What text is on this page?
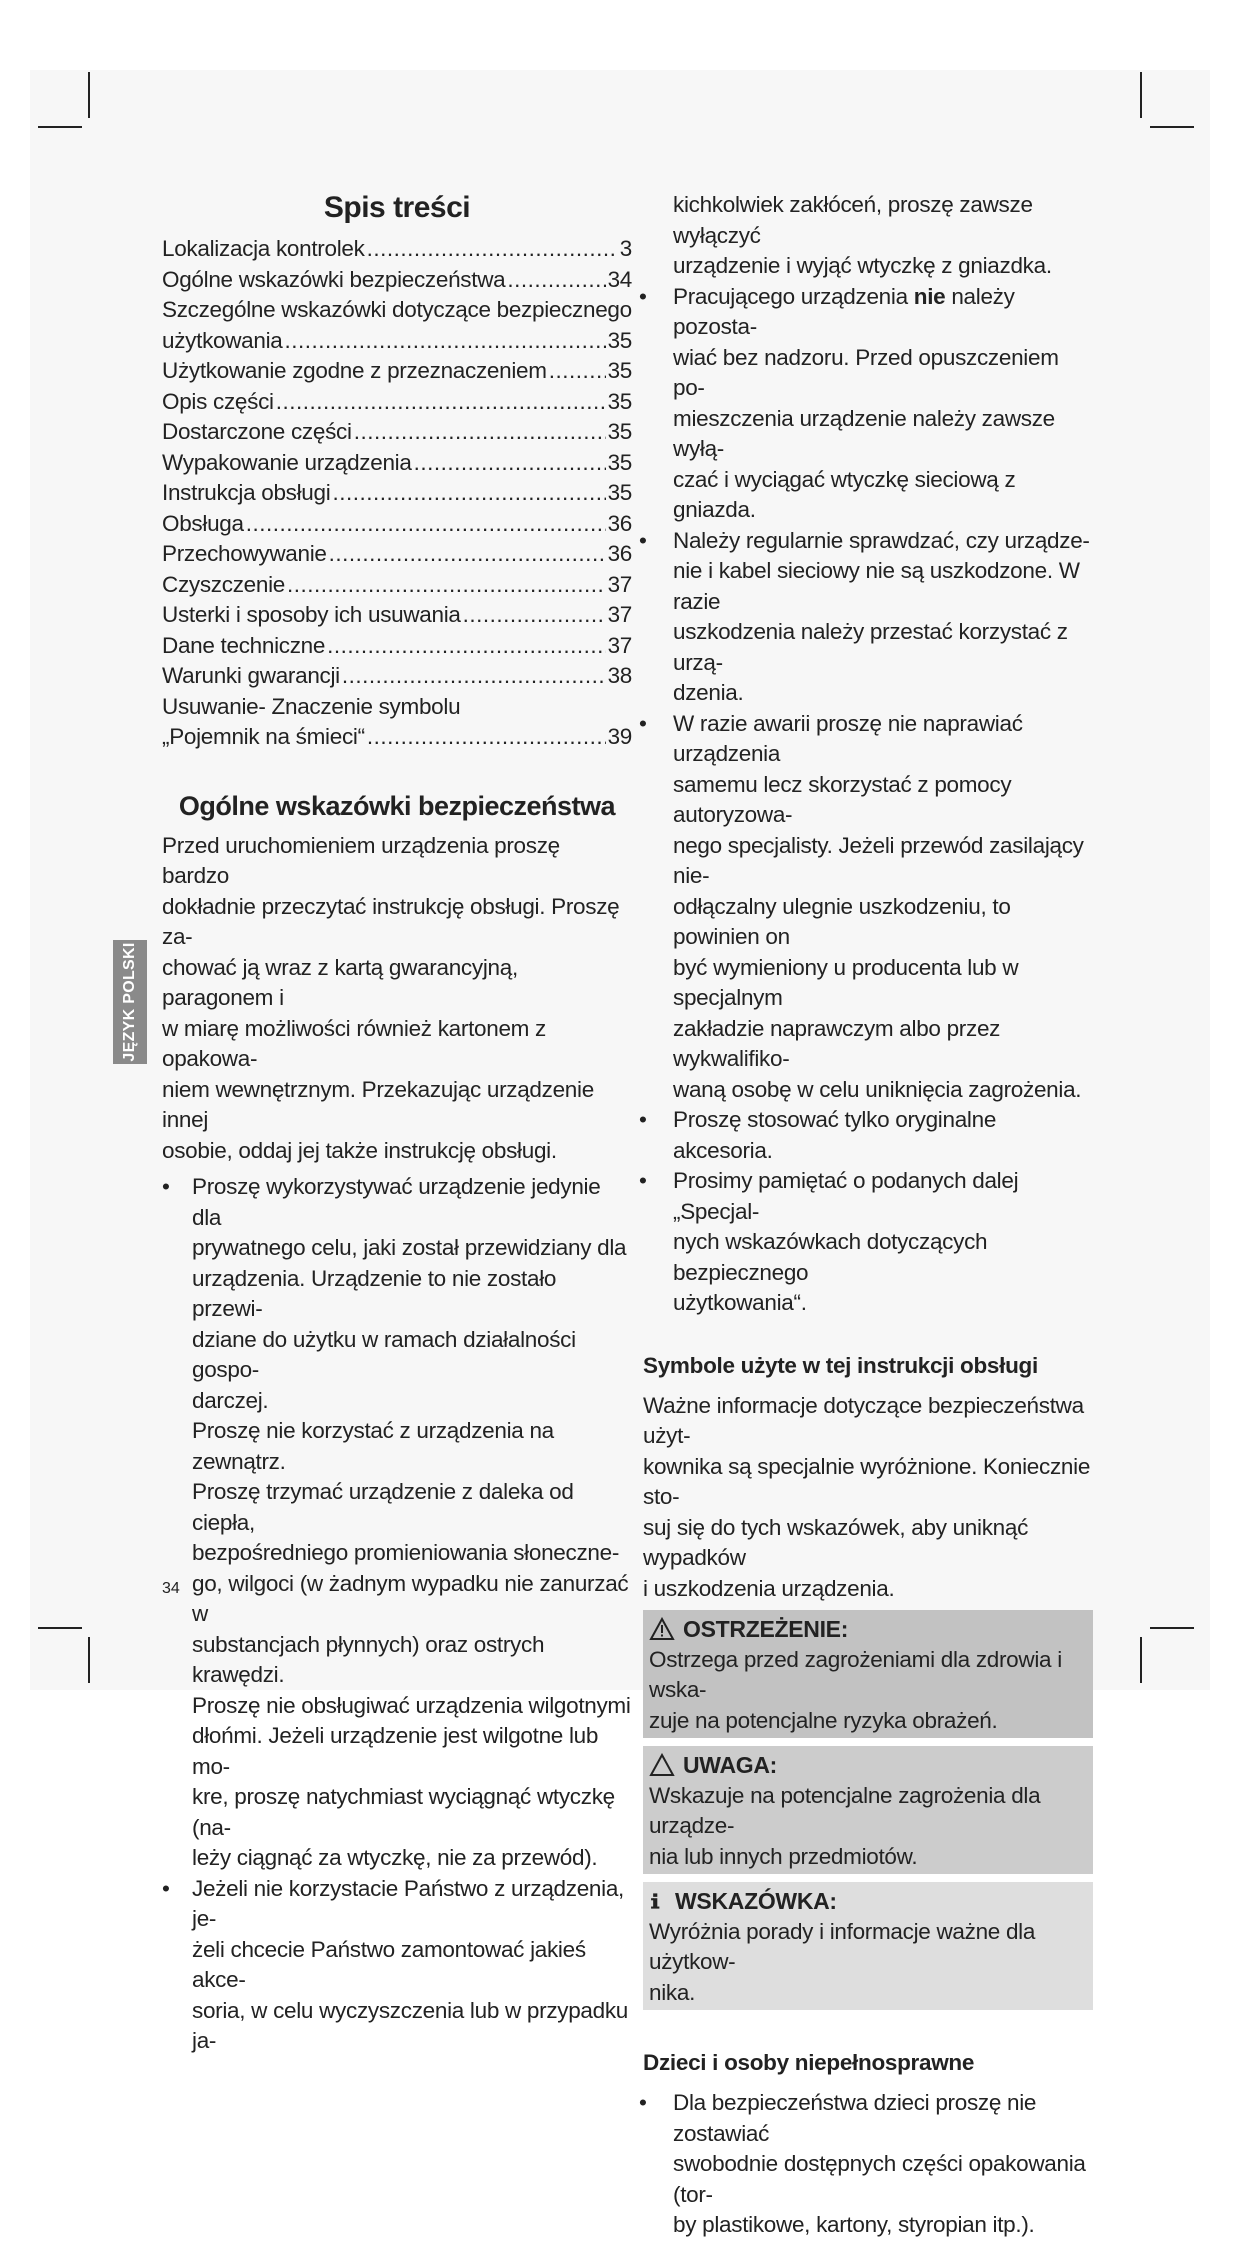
JĘZYK POLSKI
Spis treści
Lokalizacja kontrolek .....	3
Ogólne wskazówki bezpieczeństwa .....	34
Szczególne wskazówki dotyczące bezpiecznego
użytkowania .....	35
Użytkowanie zgodne z przeznaczeniem .....	35
Opis części .....	35
Dostarczone części .....	35
Wypakowanie urządzenia .....	35
Instrukcja obsługi .....	35
Obsługa .....	36
Przechowywanie .....	36
Czyszczenie .....	37
Usterki i sposoby ich usuwania .....	37
Dane techniczne .....	37
Warunki gwarancji .....	38
Usuwanie- Znaczenie symbolu
„Pojemnik na śmieci“ .....	39
Ogólne wskazówki bezpieczeństwa
Przed uruchomieniem urządzenia proszę bardzo
dokładnie przeczytać instrukcję obsługi. Proszę za-
chować ją wraz z kartą gwarancyjną, paragonem i
w miarę możliwości również kartonem z opakowa-
niem wewnętrznym. Przekazując urządzenie innej
osobie, oddaj jej także instrukcję obsługi.
• Proszę wykorzystywać urządzenie jedynie dla
prywatnego celu, jaki został przewidziany dla
urządzenia. Urządzenie to nie zostało przewi-
dziane do użytku w ramach działalności gospo-
darczej.
Proszę nie korzystać z urządzenia na zewnątrz.
Proszę trzymać urządzenie z daleka od ciepła,
bezpośredniego promieniowania słoneczne-
go, wilgoci (w żadnym wypadku nie zanurzać w
substancjach płynnych) oraz ostrych krawędzi.
Proszę nie obsługiwać urządzenia wilgotnymi
dłońmi. Jeżeli urządzenie jest wilgotne lub mo-
kre, proszę natychmiast wyciągnąć wtyczkę (na-
leży ciągnąć za wtyczkę, nie za przewód).
• Jeżeli nie korzystacie Państwo z urządzenia, je-
żeli chcecie Państwo zamontować jakieś akce-
soria, w celu wyczyszczenia lub w przypadku ja-
34
kichkolwiek zakłóceń, proszę zawsze wyłączyć
urządzenie i wyjąć wtyczkę z gniazdka.
• Pracującego urządzenia nie należy pozosta-
wiać bez nadzoru. Przed opuszczeniem po-
mieszczenia urządzenie należy zawsze wyłą-
czać i wyciągać wtyczkę sieciową z gniazda.
• Należy regularnie sprawdzać, czy urządze-
nie i kabel sieciowy nie są uszkodzone. W razie
uszkodzenia należy przestać korzystać z urzą-
dzenia.
• W razie awarii proszę nie naprawiać urządzenia
samemu lecz skorzystać z pomocy autoryzowa-
nego specjalisty. Jeżeli przewód zasilający nie-
odłączalny ulegnie uszkodzeniu, to powinien on
być wymieniony u producenta lub w specjalnym
zakładzie naprawczym albo przez wykwalifiko-
waną osobę w celu uniknięcia zagrożenia.
• Proszę stosować tylko oryginalne akcesoria.
• Prosimy pamiętać o podanych dalej „Specjal-
nych wskazówkach dotyczących bezpiecznego
użytkowania“.
Symbole użyte w tej instrukcji obsługi
Ważne informacje dotyczące bezpieczeństwa użyt-
kownika są specjalnie wyróżnione. Koniecznie sto-
suj się do tych wskazówek, aby uniknąć wypadków
i uszkodzenia urządzenia.
OSTRZEŻENIE:
Ostrzega przed zagrożeniami dla zdrowia i wska-
zuje na potencjalne ryzyka obrażeń.
UWAGA:
Wskazuje na potencjalne zagrożenia dla urządze-
nia lub innych przedmiotów.
WSKAZÓWKA:
Wyróżnia porady i informacje ważne dla użytkow-
nika.
Dzieci i osoby niepełnosprawne
• Dla bezpieczeństwa dzieci proszę nie zostawiać
swobodnie dostępnych części opakowania (tor-
by plastikowe, kartony, styropian itp.).
